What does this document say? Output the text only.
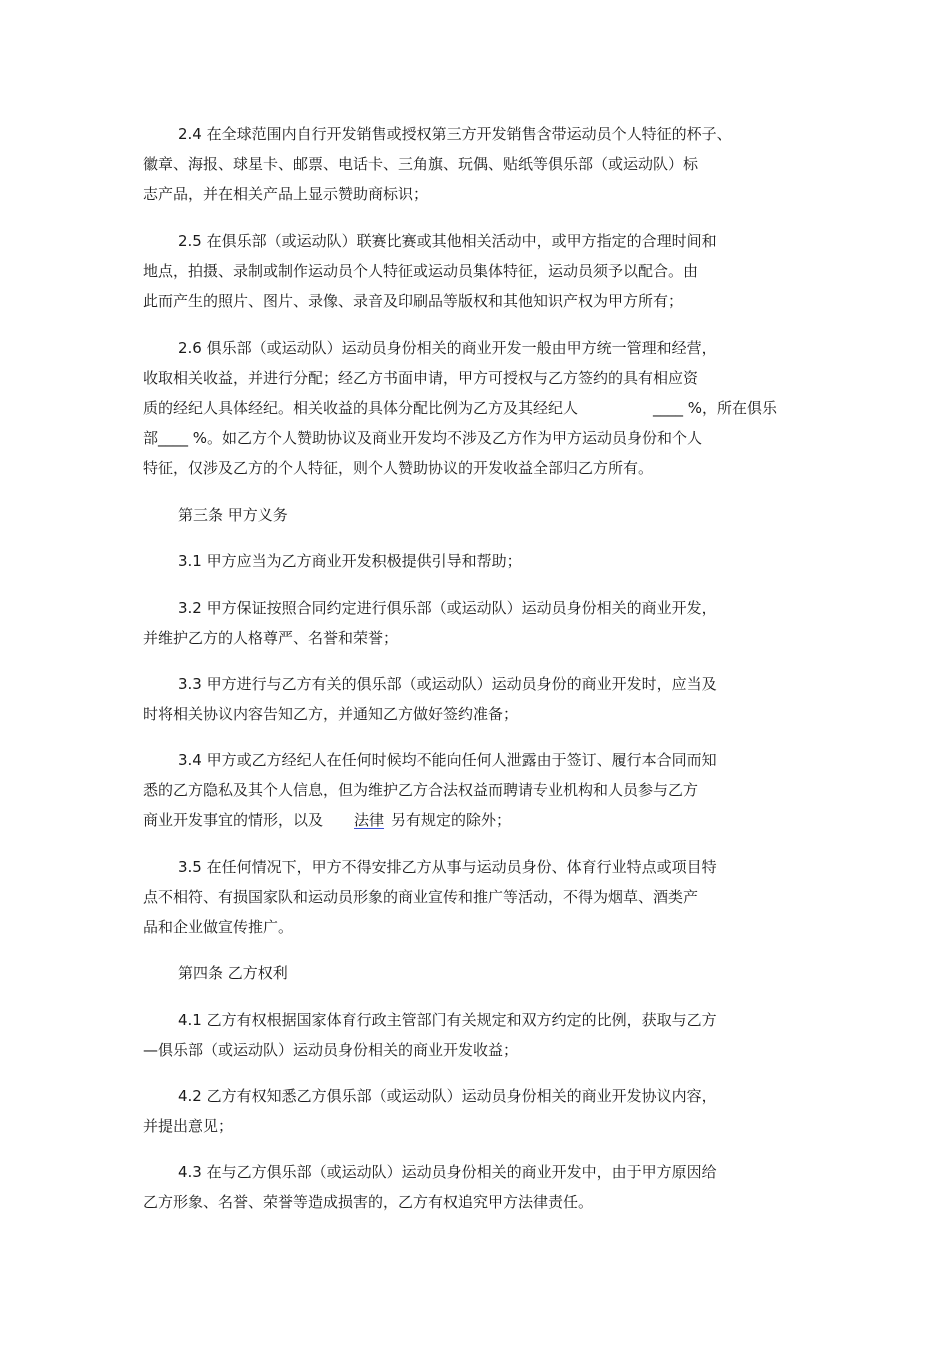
2.4 在全球范围内自行开发销售或授权第三方开发销售含带运动员个人特征的杯子、
徽章、海报、球星卡、邮票、电话卡、三角旗、玩偶、贴纸等俱乐部（或运动队）标
志产品，并在相关产品上显示赞助商标识；
2.5 在俱乐部（或运动队）联赛比赛或其他相关活动中，或甲方指定的合理时间和
地点，拍摄、录制或制作运动员个人特征或运动员集体特征，运动员须予以配合。由
此而产生的照片、图片、录像、录音及印刷品等版权和其他知识产权为甲方所有；
2.6 俱乐部（或运动队）运动员身份相关的商业开发一般由甲方统一管理和经营，
收取相关收益，并进行分配；经乙方书面申请，甲方可授权与乙方签约的具有相应资
质的经纪人具体经纪。相关收益的具体分配比例为乙方及其经纪人	____ %，所在俱乐
部____ %。如乙方个人赞助协议及商业开发均不涉及乙方作为甲方运动员身份和个人
特征，仅涉及乙方的个人特征，则个人赞助协议的开发收益全部归乙方所有。
第三条 甲方义务
3.1 甲方应当为乙方商业开发积极提供引导和帮助；
3.2 甲方保证按照合同约定进行俱乐部（或运动队）运动员身份相关的商业开发，
并维护乙方的人格尊严、名誉和荣誉；
3.3 甲方进行与乙方有关的俱乐部（或运动队）运动员身份的商业开发时，应当及
时将相关协议内容告知乙方，并通知乙方做好签约准备；
3.4 甲方或乙方经纪人在任何时候均不能向任何人泄露由于签订、履行本合同而知
悉的乙方隐私及其个人信息，但为维护乙方合法权益而聘请专业机构和人员参与乙方
商业开发事宜的情形，以及 法律 另有规定的除外；
3.5 在任何情况下，甲方不得安排乙方从事与运动员身份、体育行业特点或项目特
点不相符、有损国家队和运动员形象的商业宣传和推广等活动，不得为烟草、酒类产
品和企业做宣传推广。
第四条 乙方权利
4.1 乙方有权根据国家体育行政主管部门有关规定和双方约定的比例，获取与乙方
—俱乐部（或运动队）运动员身份相关的商业开发收益；
4.2 乙方有权知悉乙方俱乐部（或运动队）运动员身份相关的商业开发协议内容，
并提出意见；
4.3 在与乙方俱乐部（或运动队）运动员身份相关的商业开发中，由于甲方原因给
乙方形象、名誉、荣誉等造成损害的，乙方有权追究甲方法律责任。
